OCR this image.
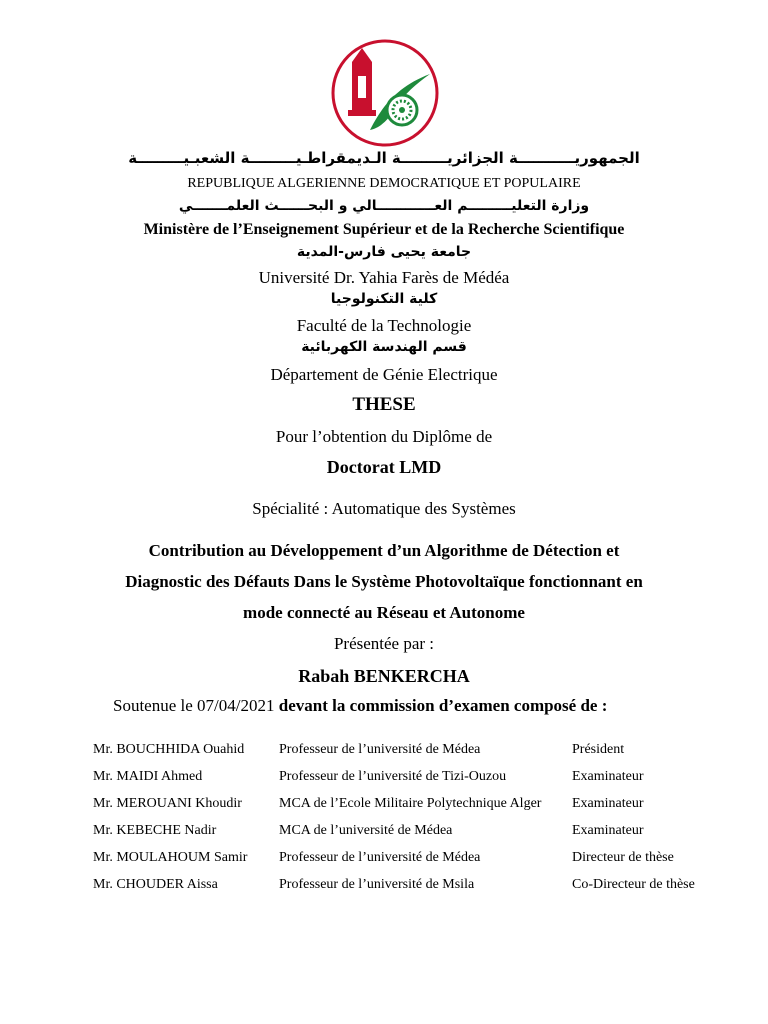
الجمهوريـــــــــــة الجزائريـــــــــة الـديمقراطـيـــــــــة الشعبـيـــــــــة
REPUBLIQUE ALGERIENNE DEMOCRATIQUE ET POPULAIRE
وزارة التعليـــــــــم العــــــــــــالي و البحــــــث العلمـــــــي
Ministère de l’Enseignement Supérieur et de la Recherche Scientifique
جامعة يحيى فارس-المدية
Université Dr. Yahia Farès de Médéa
كلية التكنولوجيا
Faculté de la Technologie
قسم الهندسة الكهربائية
Département de Génie Electrique
THESE
Pour l’obtention du Diplôme de
Doctorat LMD
Spécialité : Automatique des Systèmes
Contribution au Développement d’un Algorithme de Détection et
Diagnostic des Défauts Dans le Système Photovoltaïque fonctionnant en
mode connecté au Réseau et Autonome
Présentée par :
Rabah BENKERCHA
Soutenue le 07/04/2021 devant la commission d’examen composé de :
Mr. BOUCHHIDA Ouahid	Professeur de l’université de Médea	Président
Mr. MAIDI Ahmed	Professeur de l’université de Tizi-Ouzou	Examinateur
Mr. MEROUANI Khoudir	MCA de l’Ecole Militaire Polytechnique Alger	Examinateur
Mr. KEBECHE Nadir	MCA de l’université de Médea	Examinateur
Mr. MOULAHOUM Samir	Professeur de l’université de Médea	Directeur de thèse
Mr. CHOUDER Aissa	Professeur de l’université de Msila	Co-Directeur de thèse
